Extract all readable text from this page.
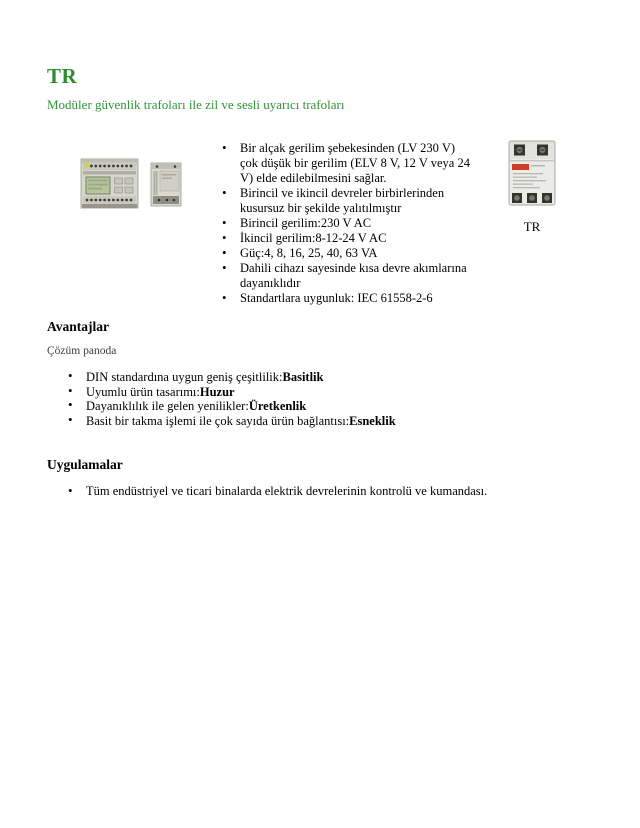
TR

Modüler güvenlik trafoları ile zil ve sesli uyarıcı trafoları

• Bir alçak gerilim şebekesinden (LV 230 V) çok düşük bir gerilim (ELV 8 V, 12 V veya 24 V) elde edilebilmesini sağlar.
• Birincil ve ikincil devreler birbirlerinden kusursuz bir şekilde yalıtılmıştır
• Birincil gerilim:230 V AC
• İkincil gerilim:8-12-24 V AC
• Güç:4, 8, 16, 25, 40, 63 VA
• Dahili cihazı sayesinde kısa devre akımlarına dayanıklıdır
• Standartlara uygunluk: IEC 61558-2-6
TR
Avantajlar

Çözüm panoda

• DIN standardına uygun geniş çeşitlilik:Basitlik
• Uyumlu ürün tasarımı:Huzur
• Dayanıklılık ile gelen yenilikler:Üretkenlik
• Basit bir takma işlemi ile çok sayıda ürün bağlantısı:Esneklik
Uygulamalar
• Tüm endüstriyel ve ticari binalarda elektrik devrelerinin kontrolü ve kumandası.
